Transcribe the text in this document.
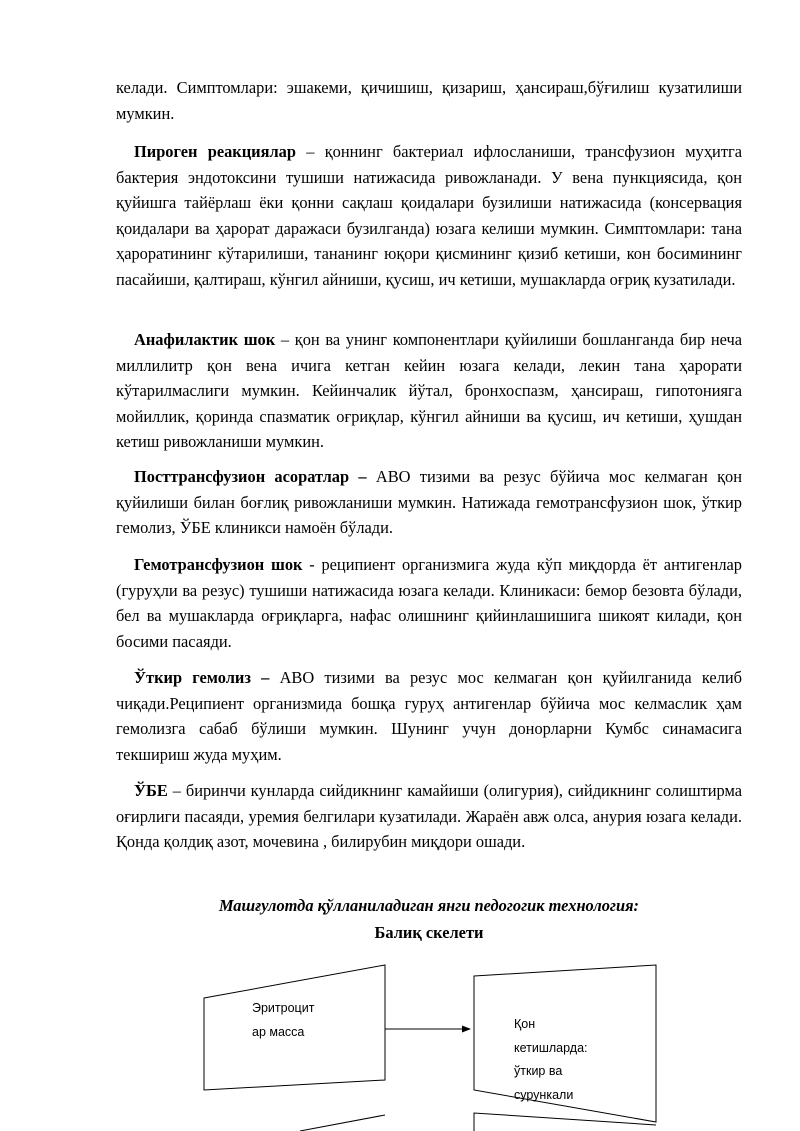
келади. Симптомлари: эшакеми, қичишиш, қизариш, ҳансираш,бўғилиш кузатилиши мумкин.

Пироген реакциялар – қоннинг бактериал ифлосланиши, трансфузион муҳитга бактерия эндотоксини тушиши натижасида ривожланади. У вена пункциясида, қон қуйишга тайёрлаш ёки қонни сақлаш қоидалари бузилиши натижасида (консервация қоидалари ва ҳарорат даражаси бузилганда) юзага келиши мумкин. Симптомлари: тана ҳароратининг кўтарилиши, тананинг юқори қисмининг қизиб кетиши, кон босимининг пасайиши, қалтираш, кўнгил айниши, қусиш, ич кетиши, мушакларда оғриқ кузатилади.

Анафилактик шок – қон ва унинг компонентлари қуйилиши бошланганда бир неча миллилитр қон вена ичига кетган кейин юзага келади, лекин тана ҳарорати кўтарилмаслиги мумкин. Кейинчалик йўтал, бронхоспазм, ҳансираш, гипотонияга мойиллик, қоринда спазматик оғриқлар, кўнгил айниши ва қусиш, ич кетиши, ҳушдан кетиш ривожланиши мумкин.

Посттрансфузион асоратлар – АВО тизими ва резус бўйича мос келмаган қон қуйилиши билан боғлиқ ривожланиши мумкин. Натижада гемотрансфузион шок, ўткир гемолиз, ЎБЕ клиникси намоён бўлади.

Гемотрансфузион шок - реципиент организмига жуда кўп миқдорда ёт антигенлар (гуруҳли ва резус) тушиши натижасида юзага келади. Клиникаси: бемор безовта бўлади, бел ва мушакларда оғриқларга, нафас олишнинг қийинлашишига шикоят килади, қон босими пасаяди.

Ўткир гемолиз – АВО тизими ва резус мос келмаган қон қуйилганида келиб чиқади.Реципиент организмида бошқа гуруҳ антигенлар бўйича мос келмаслик ҳам гемолизга сабаб бўлиши мумкин. Шунинг учун донорларни Кумбс синамасига текшириш жуда муҳим.

ЎБЕ – биринчи кунларда сийдикнинг камайиши (олигурия), сийдикнинг солиштирма оғирлиги пасаяди, уремия белгилари кузатилади. Жараён авж олса, анурия юзага келади. Қонда қолдиқ азот, мочевина , билирубин миқдори ошади.

Машғулотда қўлланиладиган янги педогогик технология:

Балиқ скелети

Эритроцит
ар масса
Қон
кетишларда:
ўткир ва
сурункали
